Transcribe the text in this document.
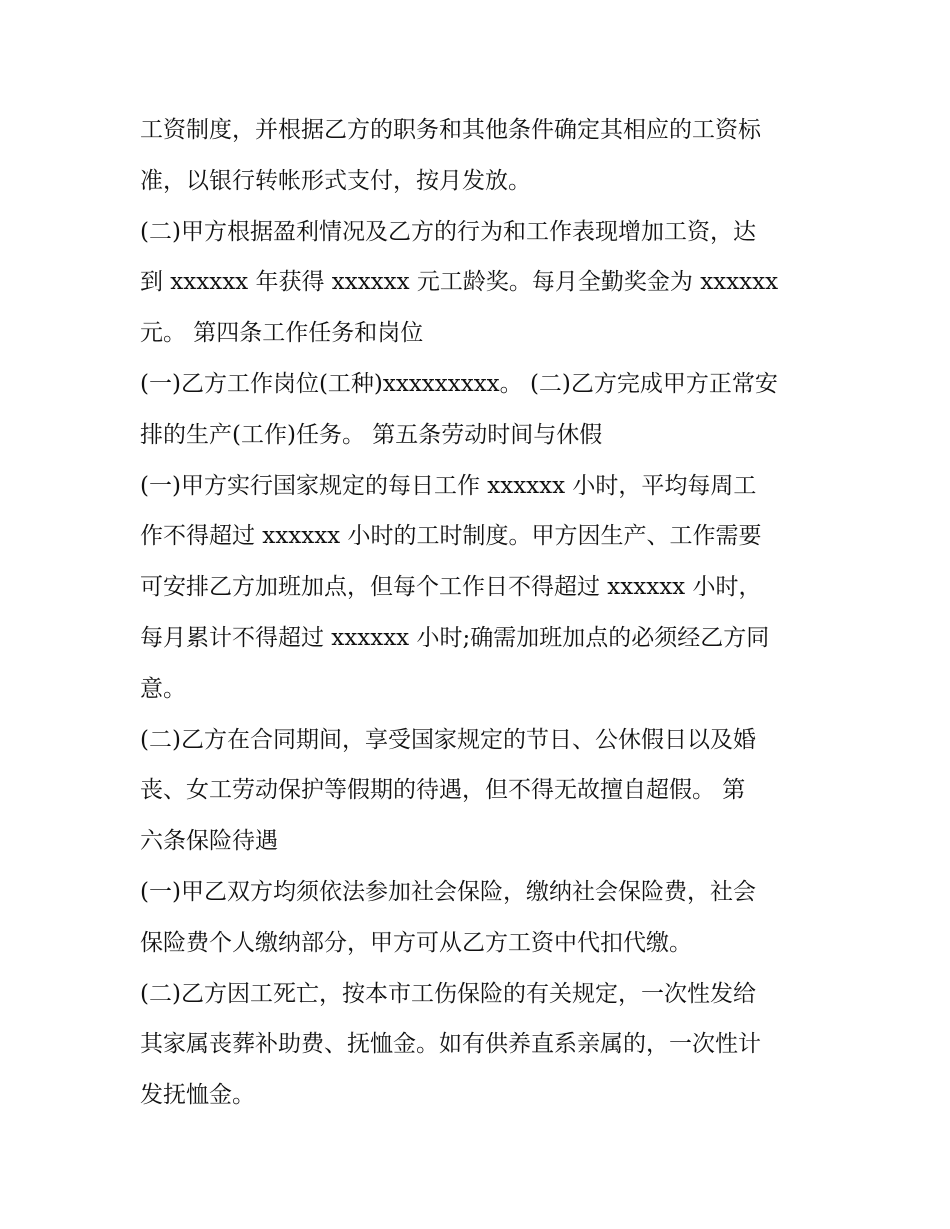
工资制度，并根据乙方的职务和其他条件确定其相应的工资标
准，以银行转帐形式支付，按月发放。
(二)甲方根据盈利情况及乙方的行为和工作表现增加工资，达
到 xxxxxx 年获得 xxxxxx 元工龄奖。每月全勤奖金为 xxxxxx
元。 第四条工作任务和岗位
(一)乙方工作岗位(工种)xxxxxxxxx。 (二)乙方完成甲方正常安
排的生产(工作)任务。 第五条劳动时间与休假
(一)甲方实行国家规定的每日工作 xxxxxx 小时，平均每周工
作不得超过 xxxxxx 小时的工时制度。甲方因生产、工作需要
可安排乙方加班加点，但每个工作日不得超过 xxxxxx 小时，
每月累计不得超过 xxxxxx 小时;确需加班加点的必须经乙方同
意。
(二)乙方在合同期间，享受国家规定的节日、公休假日以及婚
丧、女工劳动保护等假期的待遇，但不得无故擅自超假。 第
六条保险待遇
(一)甲乙双方均须依法参加社会保险，缴纳社会保险费，社会
保险费个人缴纳部分，甲方可从乙方工资中代扣代缴。
(二)乙方因工死亡，按本市工伤保险的有关规定，一次性发给
其家属丧葬补助费、抚恤金。如有供养直系亲属的，一次性计
发抚恤金。
